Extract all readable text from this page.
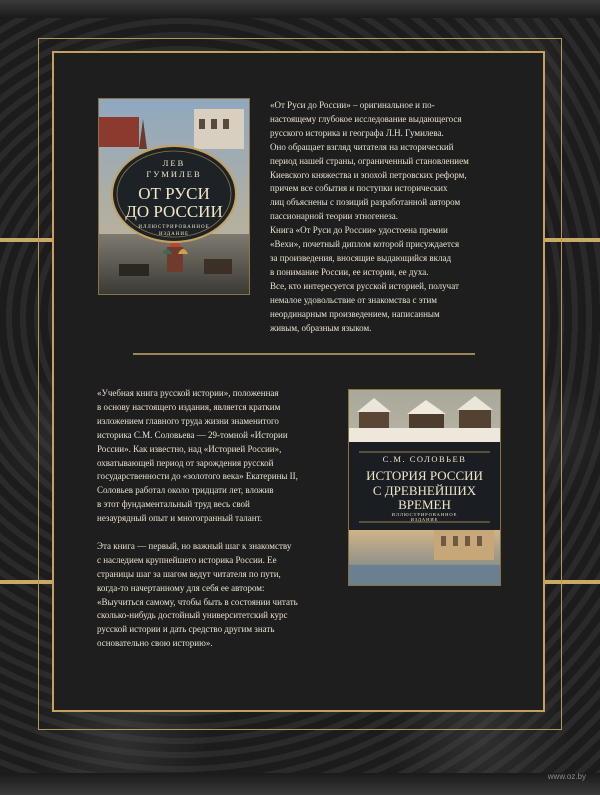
ЛЕВ
ГУМИЛЕВ
ОТ РУСИ
ДО РОССИИ
ИЛЛЮСТРИРОВАННОЕ
ИЗДАНИЕ

«От Руси до России» – оригинальное и по-

настоящему глубокое исследование выдающегося

русского историка и географа Л.Н. Гумилева.

Оно обращает взгляд читателя на исторический

период нашей страны, ограниченный становлением

Киевского княжества и эпохой петровских реформ,

причем все события и поступки исторических

лиц объяснены с позиций разработанной автором

пассионарной теории этногенеза.

Книга «От Руси до России» удостоена премии

«Вехи», почетный диплом которой присуждается

за произведения, вносящие выдающийся вклад

в понимание России, ее истории, ее духа.

Все, кто интересуется русской историей, получат

немалое удовольствие от знакомства с этим

неординарным произведением, написанным

живым, образным языком.

«Учебная книга русской истории», положенная

в основу настоящего издания, является кратким

изложением главного труда жизни знаменитого

историка С.М. Соловьева — 29-томной «Истории

России». Как известно, над «Историей России»,

охватывающей период от зарождения русской

государственности до «золотого века» Екатерины II,

Соловьев работал около тридцати лет, вложив

в этот фундаментальный труд весь свой

незаурядный опыт и многогранный талант.

Эта книга — первый, но важный шаг к знакомству

с наследием крупнейшего историка России. Ее

страницы шаг за шагом ведут читателя по пути,

когда-то начертанному для себя ее автором:

«Выучиться самому, чтобы быть в состоянии читать

сколько-нибудь достойный университетский курс

русской истории и дать средство другим знать

основательно свою историю».

С.М. СОЛОВЬЕВ
ИСТОРИЯ РОССИИ
С ДРЕВНЕЙШИХ
ВРЕМЕН
ИЛЛЮСТРИРОВАННОЕ
ИЗДАНИЕ
www.oz.by
